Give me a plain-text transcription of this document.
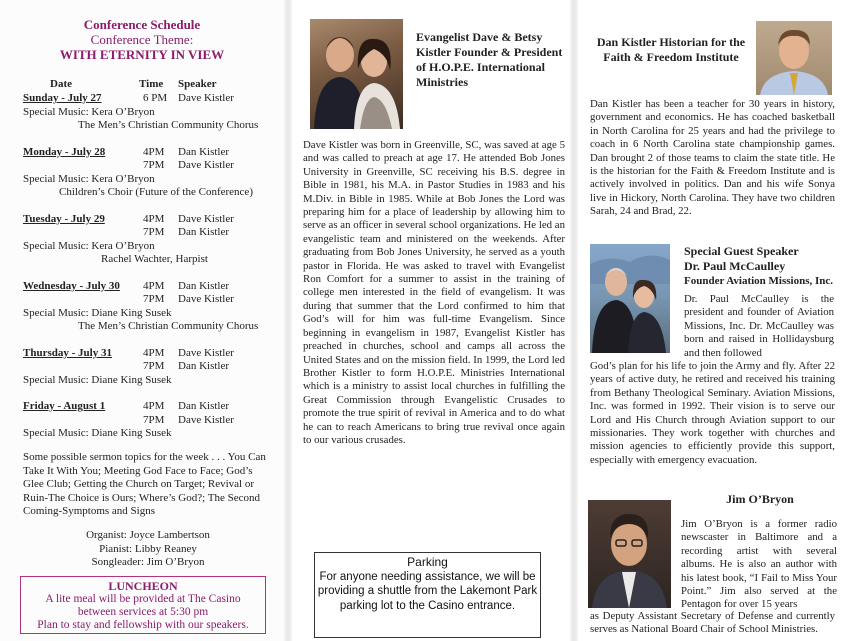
Conference Schedule
Conference Theme:
WITH ETERNITY IN VIEW
Date	Time Speaker
Sunday - July 27	6 PM Dave Kistler
Special Music: Kera O’Bryon
The Men’s Christian Community Chorus
Monday - July 28	4PM Dan Kistler
7PM Dave Kistler
Special Music: Kera O’Bryon
Children’s Choir (Future of the Conference)
Tuesday - July 29	4PM Dave Kistler
7PM Dan Kistler
Special Music: Kera O’Bryon
Rachel Wachter, Harpist
Wednesday - July 30 4PM Dan Kistler
7PM Dave Kistler
Special Music: Diane King Susek
The Men’s Christian Community Chorus
Thursday - July 31	4PM Dave Kistler
7PM Dan Kistler
Special Music: Diane King Susek
Friday - August 1	4PM Dan Kistler
7PM Dave Kistler
Special Music: Diane King Susek
Some possible sermon topics for the week . . . You Can Take It With You; Meeting God Face to Face; God’s Glee Club; Getting the Church on Target; Revival or Ruin-The Choice is Ours; Where’s God?; The Second Coming-Symptoms and Signs
Organist: Joyce Lambertson
Pianist: Libby Reaney
Songleader: Jim O’Bryon
LUNCHEON
A lite meal will be provided at The Casino
between services at 5:30 pm
Plan to stay and fellowship with our speakers.
Evangelist Dave & Betsy Kistler Founder & President of H.O.P.E. International Ministries
Dave Kistler was born in Greenville, SC, was saved at age 5 and was called to preach at age 17. He attended Bob Jones University in Greenville, SC receiving his B.S. degree in Bible in 1981, his M.A. in Pastor Studies in 1983 and his M.Div. in Bible in 1985. While at Bob Jones the Lord was preparing him for a place of leadership by allowing him to serve as an officer in several school organizations. He led an evangelistic team and ministered on the weekends. After graduating from Bob Jones University, he served as a youth pastor in Florida. He was asked to travel with Evangelist Ron Comfort for a summer to assist in the training of college men interested in the field of evangelism. It was during that summer that the Lord confirmed to him that God’s will for him was full-time Evangelism. Since beginning in evangelism in 1987, Evangelist Kistler has preached in churches, school and camps all across the United States and on the mission field. In 1999, the Lord led Brother Kistler to form H.O.P.E. Ministries International which is a ministry to assist local churches in fulfilling the Great Commission through Evangelistic Crusades to promote the true spirit of revival in America and to do what he can to reach Americans to bring true revival once again to our various crusades.
Parking
For anyone needing assistance, we will be providing a shuttle from the Lakemont Park parking lot to the Casino entrance.
Dan Kistler Historian for the Faith & Freedom Institute
Dan Kistler has been a teacher for 30 years in history, government and economics. He has coached basketball in North Carolina for 25 years and had the privilege to coach in 6 North Carolina state championship games. Dan brought 2 of those teams to claim the state title. He is the historian for the Faith & Freedom Institute and is actively involved in politics. Dan and his wife Sonya live in Hickory, North Carolina. They have two children Sarah, 24 and Brad, 22.
Special Guest Speaker
Dr. Paul McCaulley
Founder Aviation Missions, Inc.
Dr. Paul McCaulley is the president and founder of Aviation Missions, Inc. Dr. McCaulley was born and raised in Hollidaysburg and then followed
God’s plan for his life to join the Army and fly. After 22 years of active duty, he retired and received his training from Bethany Theological Seminary. Aviation Missions, Inc. was formed in 1992. Their vision is to serve our Lord and His Church through Aviation support to our missionaries. They work together with churches and mission agencies to efficiently provide this support, especially with emergency evacuation.
Jim O’Bryon
Jim O’Bryon is a former radio newscaster in Baltimore and a recording artist with several albums. He is also an author with his latest book, “I Fail to Miss Your Point.” Jim also served at the Pentagon for over 15 years
as Deputy Assistant Secretary of Defense and currently serves as National Board Chair of School Ministries.
